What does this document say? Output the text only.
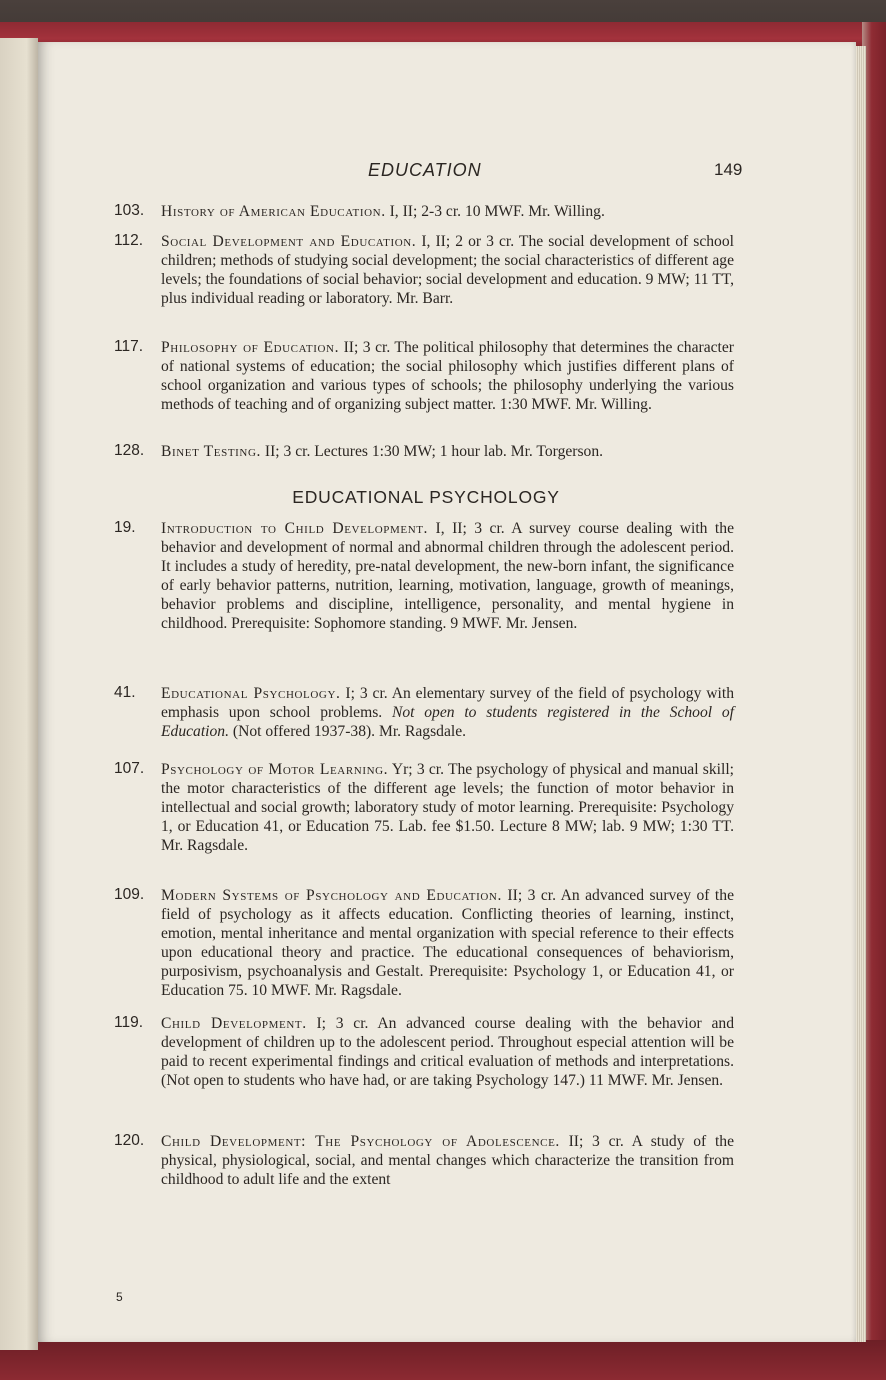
EDUCATION	149
103.	History of American Education. I, II; 2-3 cr. 10 MWF. Mr. Willing.
112.	Social Development and Education. I, II; 2 or 3 cr. The social development of school children; methods of studying social development; the social characteristics of different age levels; the foundations of social behavior; social development and education. 9 MW; 11 TT, plus individual reading or laboratory. Mr. Barr.
117.	Philosophy of Education. II; 3 cr. The political philosophy that determines the character of national systems of education; the social philosophy which justifies different plans of school organization and various types of schools; the philosophy underlying the various methods of teaching and of organizing subject matter. 1:30 MWF. Mr. Willing.
128.	Binet Testing. II; 3 cr. Lectures 1:30 MW; 1 hour lab. Mr. Torgerson.
EDUCATIONAL PSYCHOLOGY
19.	Introduction to Child Development. I, II; 3 cr. A survey course dealing with the behavior and development of normal and abnormal children through the adolescent period. It includes a study of heredity, pre-natal development, the new-born infant, the significance of early behavior patterns, nutrition, learning, motivation, language, growth of meanings, behavior problems and discipline, intelligence, personality, and mental hygiene in childhood. Prerequisite: Sophomore standing. 9 MWF. Mr. Jensen.
41.	Educational Psychology. I; 3 cr. An elementary survey of the field of psychology with emphasis upon school problems. Not open to students registered in the School of Education. (Not offered 1937-38). Mr. Ragsdale.
107.	Psychology of Motor Learning. Yr; 3 cr. The psychology of physical and manual skill; the motor characteristics of the different age levels; the function of motor behavior in intellectual and social growth; laboratory study of motor learning. Prerequisite: Psychology 1, or Education 41, or Education 75. Lab. fee $1.50. Lecture 8 MW; lab. 9 MW; 1:30 TT. Mr. Ragsdale.
109.	Modern Systems of Psychology and Education. II; 3 cr. An advanced survey of the field of psychology as it affects education. Conflicting theories of learning, instinct, emotion, mental inheritance and mental organization with special reference to their effects upon educational theory and practice. The educational consequences of behaviorism, purposivism, psychoanalysis and Gestalt. Prerequisite: Psychology 1, or Education 41, or Education 75. 10 MWF. Mr. Ragsdale.
119.	Child Development. I; 3 cr. An advanced course dealing with the behavior and development of children up to the adolescent period. Throughout especial attention will be paid to recent experimental findings and critical evaluation of methods and interpretations. (Not open to students who have had, or are taking Psychology 147.) 11 MWF. Mr. Jensen.
120.	Child Development: The Psychology of Adolescence. II; 3 cr. A study of the physical, physiological, social, and mental changes which characterize the transition from childhood to adult life and the extent
5
